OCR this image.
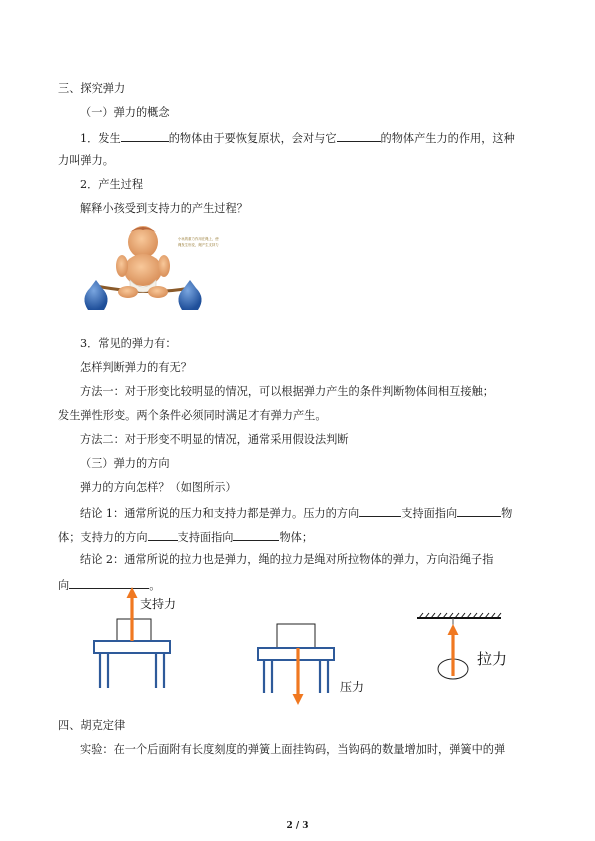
三、探究弹力
（一）弹力的概念
1．发生	的物体由于要恢复原状，会对与它	的物体产生力的作用，这种
力叫弹力。
2．产生过程
解释小孩受到支持力的产生过程？
小孩的重力作用在绳上，使
绳发生形变，绳产生支持力
3．常见的弹力有：
怎样判断弹力的有无？
方法一：对于形变比较明显的情况，可以根据弹力产生的条件判断物体间相互接触；
发生弹性形变。两个条件必须同时满足才有弹力产生。
方法二：对于形变不明显的情况，通常采用假设法判断
（三）弹力的方向
弹力的方向怎样？（如图所示）
结论 1：通常所说的压力和支持力都是弹力。压力的方向	支持面指向	物
体；支持力的方向	支持面指向	物体；
结论 2：通常所说的拉力也是弹力，绳的拉力是绳对所拉物体的弹力，方向沿绳子指
向	。
支持力
压力
拉力
四、胡克定律
实验：在一个后面附有长度刻度的弹簧上面挂钩码，当钩码的数量增加时，弹簧中的弹
2 / 3
